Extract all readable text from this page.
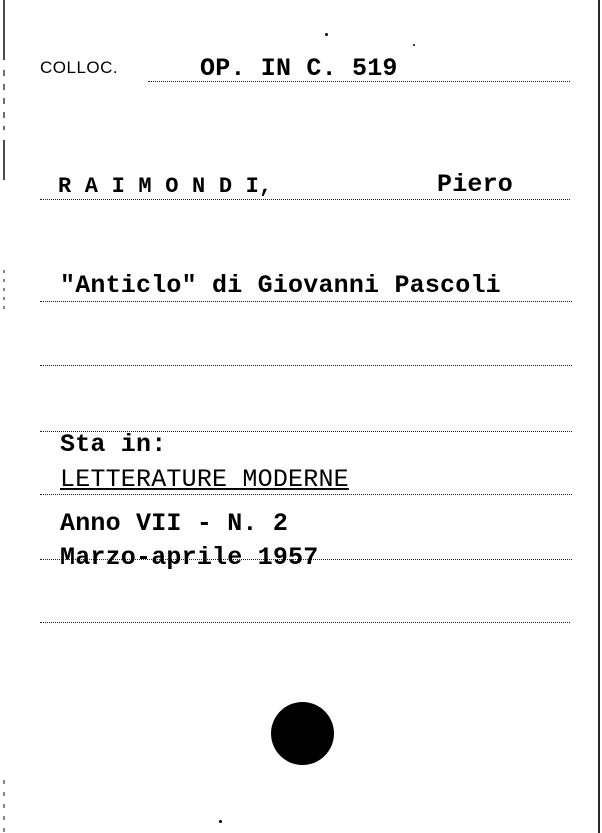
COLLOC.	OP. IN C. 519
R A I M O N D I,	Piero
"Anticlo" di Giovanni Pascoli
Sta in:
LETTERATURE MODERNE
Anno VII - N. 2
Marzo-aprile 1957
